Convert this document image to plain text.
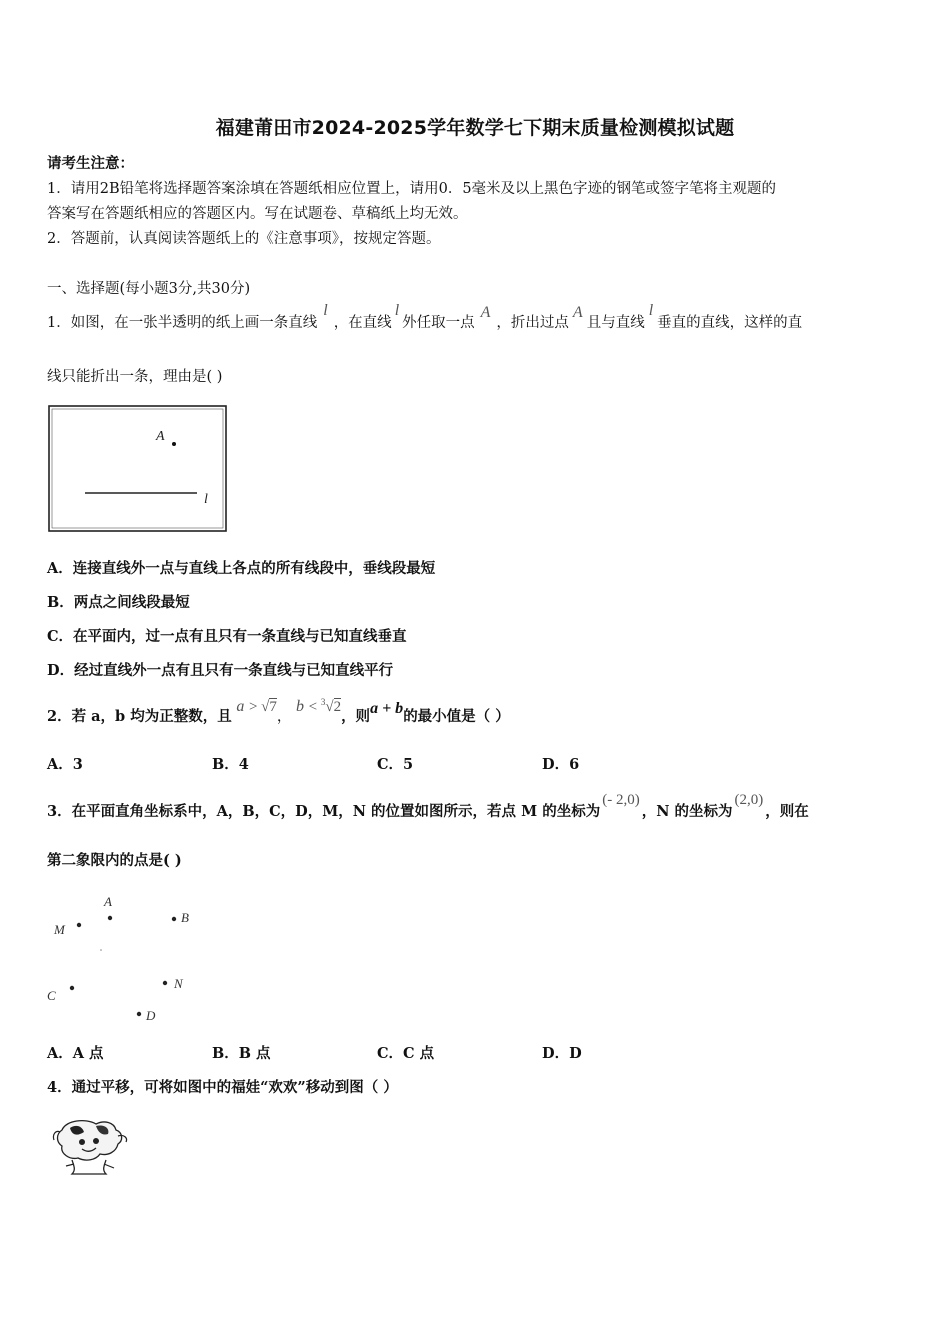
福建莆田市2024-2025学年数学七下期末质量检测模拟试题
请考生注意：
1．请用2B铅笔将选择题答案涂填在答题纸相应位置上，请用0．5毫米及以上黑色字迹的钢笔或签字笔将主观题的
答案写在答题纸相应的答题区内。写在试题卷、草稿纸上均无效。
2．答题前，认真阅读答题纸上的《注意事项》，按规定答题。
一、选择题(每小题3分,共30分)
1．如图，在一张半透明的纸上画一条直线l，在直线l外任取一点A，折出过点A且与直线l垂直的直线，这样的直
线只能折出一条，理由是( )
A
l
A．连接直线外一点与直线上各点的所有线段中，垂线段最短
B．两点之间线段最短
C．在平面内，过一点有且只有一条直线与已知直线垂直
D．经过直线外一点有且只有一条直线与已知直线平行
2．若 a，b 均为正整数，且 a > √7， b < $^3$√2，则a + b的最小值是（ ）
A．3	B．4	C．5	D．6
3．在平面直角坐标系中，A，B，C，D，M，N 的位置如图所示，若点 M 的坐标为(- 2,0)，N 的坐标为(2,0)，则在
第二象限内的点是( )
A
B
M
C
N
D
A．A 点	B．B 点	C．C 点	D．D
4．通过平移，可将如图中的福娃“欢欢”移动到图（ ）
